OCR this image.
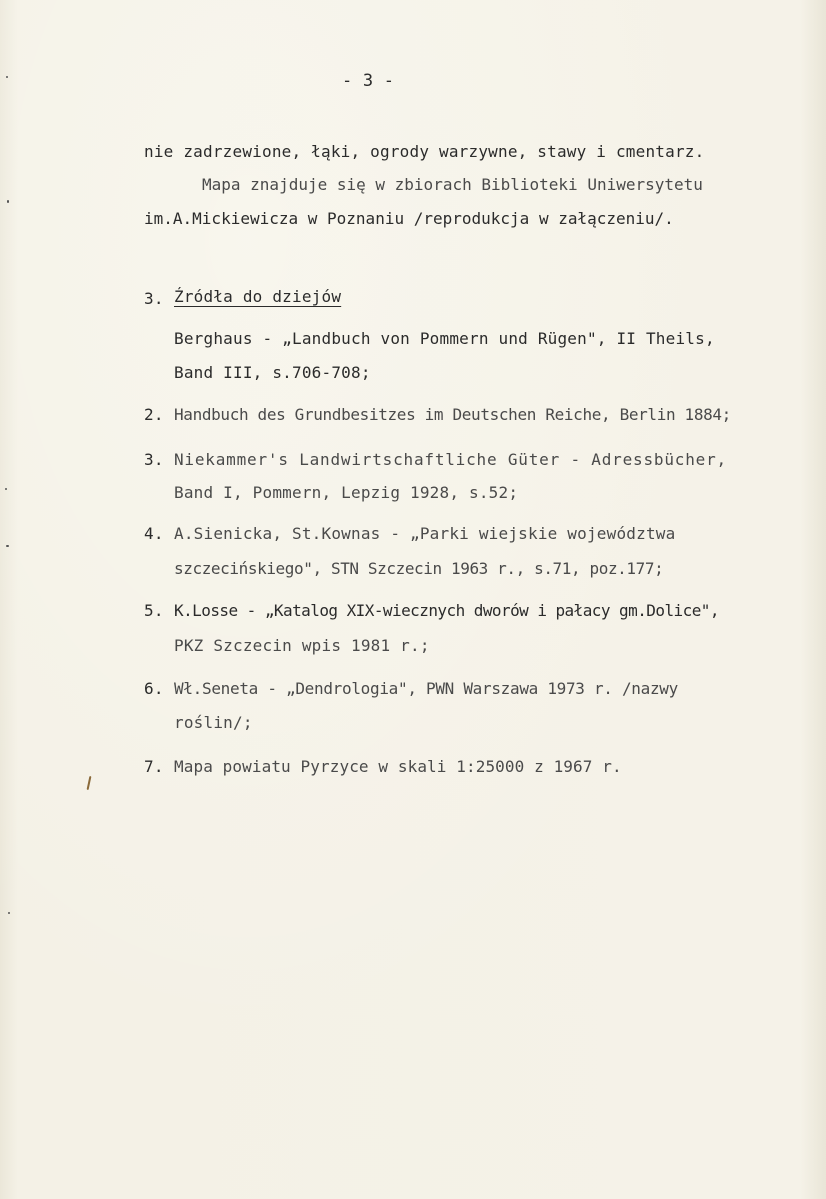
- 3 -
nie zadrzewione, łąki, ogrody warzywne, stawy i cmentarz.
Mapa znajduje się w zbiorach Biblioteki Uniwersytetu
im.A.Mickiewicza w Poznaniu /reprodukcja w załączeniu/.
3. Źródła do dziejów
Berghaus - „Landbuch von Pommern und Rügen", II Theils,
Band III, s.706-708;
2. Handbuch des Grundbesitzes im Deutschen Reiche, Berlin 1884;
3. Niekammer's Landwirtschaftliche Güter - Adressbücher,
Band I, Pommern, Lepzig 1928, s.52;
4. A.Sienicka, St.Kownas - „Parki wiejskie województwa
szczecińskiego", STN Szczecin 1963 r., s.71, poz.177;
5. K.Losse - „Katalog XIX-wiecznych dworów i pałacy gm.Dolice",
PKZ Szczecin wpis 1981 r.;
6. Wł.Seneta - „Dendrologia", PWN Warszawa 1973 r. /nazwy
roślin/;
7. Mapa powiatu Pyrzyce w skali 1:25000 z 1967 r.
